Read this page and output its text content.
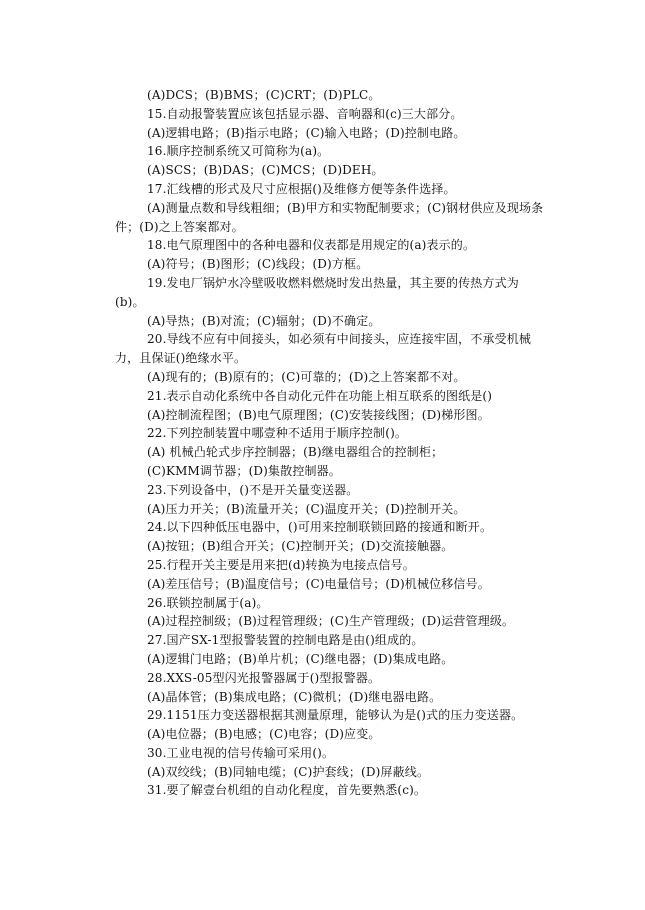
(A)DCS；(B)BMS；(C)CRT；(D)PLC。
15.自动报警装置应该包括显示器、音响器和(c)三大部分。
(A)逻辑电路；(B)指示电路；(C)输入电路；(D)控制电路。
16.顺序控制系统又可简称为(a)。
(A)SCS；(B)DAS；(C)MCS；(D)DEH。
17.汇线槽的形式及尺寸应根据()及维修方便等条件选择。
(A)测量点数和导线粗细；(B)甲方和实物配制要求；(C)钢材供应及现场条件；(D)之上答案都对。
18.电气原理图中的各种电器和仪表都是用规定的(a)表示的。
(A)符号；(B)图形；(C)线段；(D)方框。
19.发电厂锅炉水冷壁吸收燃料燃烧时发出热量，其主要的传热方式为(b)。
(A)导热；(B)对流；(C)辐射；(D)不确定。
20.导线不应有中间接头，如必须有中间接头，应连接牢固，不承受机械力，且保证()绝缘水平。
(A)现有的；(B)原有的；(C)可靠的；(D)之上答案都不对。
21.表示自动化系统中各自动化元件在功能上相互联系的图纸是()
(A)控制流程图；(B)电气原理图；(C)安装接线图；(D)梯形图。
22.下列控制装置中哪壹种不适用于顺序控制()。
(A) 机械凸轮式步序控制器；(B)继电器组合的控制柜；
(C)KMM调节器；(D)集散控制器。
23.下列设备中，()不是开关量变送器。
(A)压力开关；(B)流量开关；(C)温度开关；(D)控制开关。
24.以下四种低压电器中，()可用来控制联锁回路的接通和断开。
(A)按钮；(B)组合开关；(C)控制开关；(D)交流接触器。
25.行程开关主要是用来把(d)转换为电接点信号。
(A)差压信号；(B)温度信号；(C)电量信号；(D)机械位移信号。
26.联锁控制属于(a)。
(A)过程控制级；(B)过程管理级；(C)生产管理级；(D)运营管理级。
27.国产SX-1型报警装置的控制电路是由()组成的。
(A)逻辑门电路；(B)单片机；(C)继电器；(D)集成电路。
28.XXS-05型闪光报警器属于()型报警器。
(A)晶体管；(B)集成电路；(C)微机；(D)继电器电路。
29.1151压力变送器根据其测量原理，能够认为是()式的压力变送器。
(A)电位器；(B)电感；(C)电容；(D)应变。
30.工业电视的信号传输可采用()。
(A)双绞线；(B)同轴电缆；(C)护套线；(D)屏蔽线。
31.要了解壹台机组的自动化程度，首先要熟悉(c)。
